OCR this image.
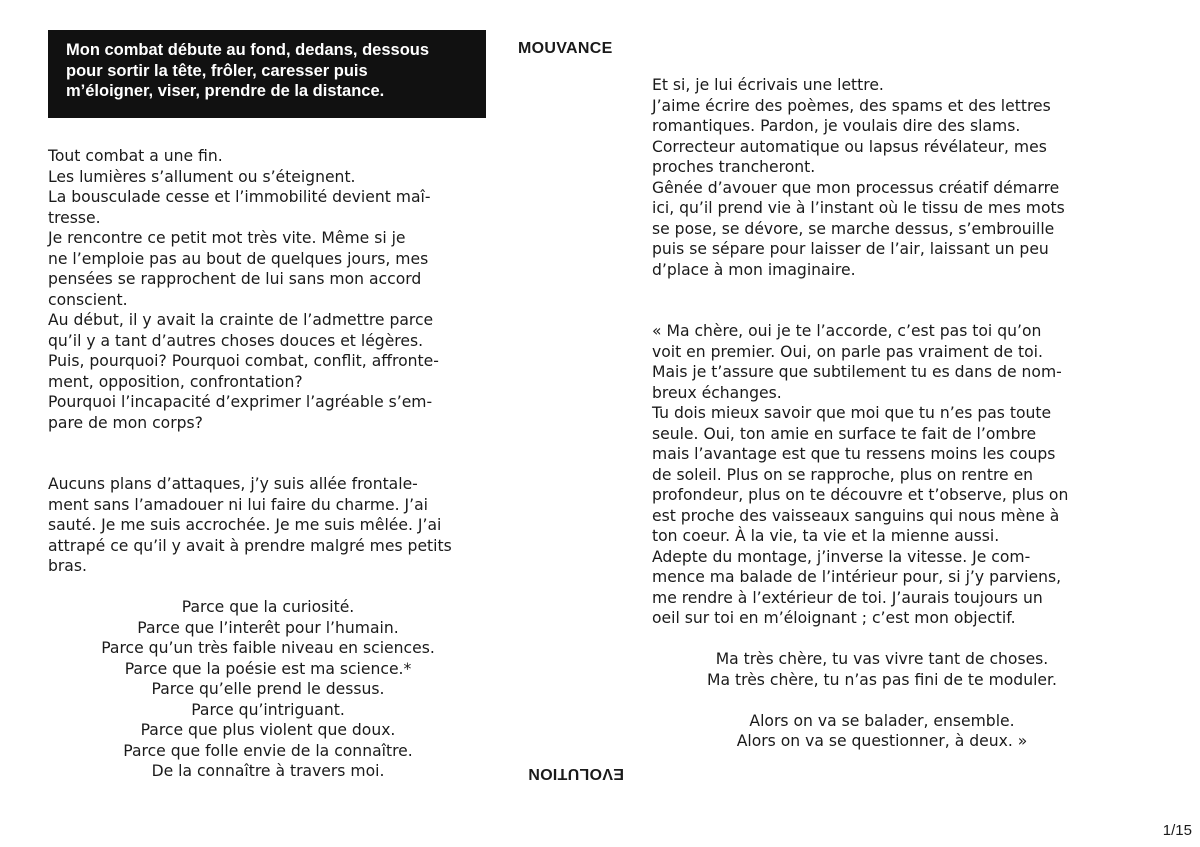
Mon combat débute au fond, dedans, dessous
pour sortir la tête, frôler, caresser puis
m’éloigner, viser, prendre de la distance.

MOUVANCE

EVOLUTION

Tout combat a une fin.
Les lumières s’allument ou s’éteignent.
La bousculade cesse et l’immobilité devient maî-
tresse.
Je rencontre ce petit mot très vite. Même si je
ne l’emploie pas au bout de quelques jours, mes
pensées se rapprochent de lui sans mon accord
conscient.
Au début, il y avait la crainte de l’admettre parce
qu’il y a tant d’autres choses douces et légères.
Puis, pourquoi? Pourquoi combat, conflit, affronte-
ment, opposition, confrontation?
Pourquoi l’incapacité d’exprimer l’agréable s’em-
pare de mon corps?

Aucuns plans d’attaques, j’y suis allée frontale-
ment sans l’amadouer ni lui faire du charme. J’ai
sauté. Je me suis accrochée. Je me suis mêlée. J’ai
attrapé ce qu’il y avait à prendre malgré mes petits
bras.

Parce que la curiosité.
Parce que l’interêt pour l’humain.
Parce qu’un très faible niveau en sciences.
Parce que la poésie est ma science.*
Parce qu’elle prend le dessus.
Parce qu’intriguant.
Parce que plus violent que doux.
Parce que folle envie de la connaître.
De la connaître à travers moi.

Et si, je lui écrivais une lettre.
J’aime écrire des poèmes, des spams et des lettres
romantiques. Pardon, je voulais dire des slams.
Correcteur automatique ou lapsus révélateur, mes
proches trancheront.
Gênée d’avouer que mon processus créatif démarre
ici, qu’il prend vie à l’instant où le tissu de mes mots
se pose, se dévore, se marche dessus, s’embrouille
puis se sépare pour laisser de l’air, laissant un peu
d’place à mon imaginaire.

« Ma chère, oui je te l’accorde, c’est pas toi qu’on
voit en premier. Oui, on parle pas vraiment de toi.
Mais je t’assure que subtilement tu es dans de nom-
breux échanges.
Tu dois mieux savoir que moi que tu n’es pas toute
seule. Oui, ton amie en surface te fait de l’ombre
mais l’avantage est que tu ressens moins les coups
de soleil. Plus on se rapproche, plus on rentre en
profondeur, plus on te découvre et t’observe, plus on
est proche des vaisseaux sanguins qui nous mène à
ton coeur. À la vie, ta vie et la mienne aussi.
Adepte du montage, j’inverse la vitesse. Je com-
mence ma balade de l’intérieur pour, si j’y parviens,
me rendre à l’extérieur de toi. J’aurais toujours un
oeil sur toi en m’éloignant ; c’est mon objectif.

Ma très chère, tu vas vivre tant de choses.
Ma très chère, tu n’as pas fini de te moduler.

Alors on va se balader, ensemble.
Alors on va se questionner, à deux. »

1/15
